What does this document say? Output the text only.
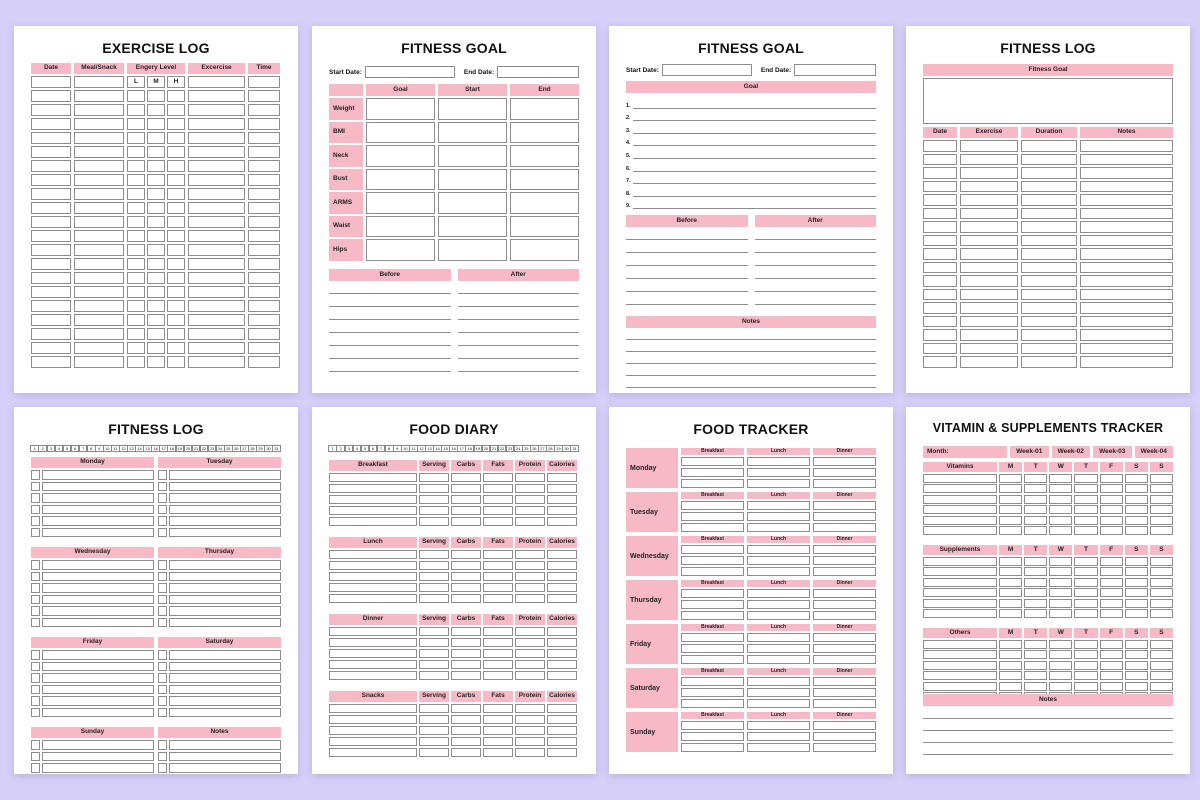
EXERCISE LOG
Date	Meal/Snack	Engery Level	Excercise	Time
L	M	H
FITNESS GOAL
Start Date:	End Date:
Goal	Start	End
Weight
BMI
Neck
Bust
ARMS
Waist
Hips
Before	After
FITNESS GOAL
Start Date:	End Date:
Goal
1.
2.
3.
4.
5.
6.
7.
8.
9.
Before	After
Notes
FITNESS LOG
Fitness Goal
Date	Exercise	Duration	Notes
FITNESS LOG
1	2	3	4	5	6	7	8	9	10 11 12 13 14 15 16 17 18 19 20 21 22 23 24 25 26 27 28 29 30 31
Monday	Tuesday
Wednesday	Thursday
Friday	Saturday
Sunday	Notes
FOOD DIARY
1	2	3	4	5	6	7	8	9	10 11 12 13 14 15 16 17 18 19 20 21 22 23 24 25 26 27 28 29 30 31
Breakfast	Serving	Carbs	Fats	Protein	Calories
Lunch	Serving	Carbs	Fats	Protein	Calories
Dinner	Serving	Carbs	Fats	Protein	Calories
Snacks	Serving	Carbs	Fats	Protein	Calories
FOOD TRACKER
Monday
Breakfast	Lunch	Dinner
Tuesday
Breakfast	Lunch	Dinner
Wednesday
Breakfast	Lunch	Dinner
Thursday
Breakfast	Lunch	Dinner
Friday
Breakfast	Lunch	Dinner
Saturday
Breakfast	Lunch	Dinner
Sunday
Breakfast	Lunch	Dinner
VITAMIN & SUPPLEMENTS TRACKER
Month:	Week-01	Week-02	Week-03	Week-04
Vitamins	M	T	W	T	F	S	S
Supplements	M	T	W	T	F	S	S
Others	M	T	W	T	F	S	S
Notes
